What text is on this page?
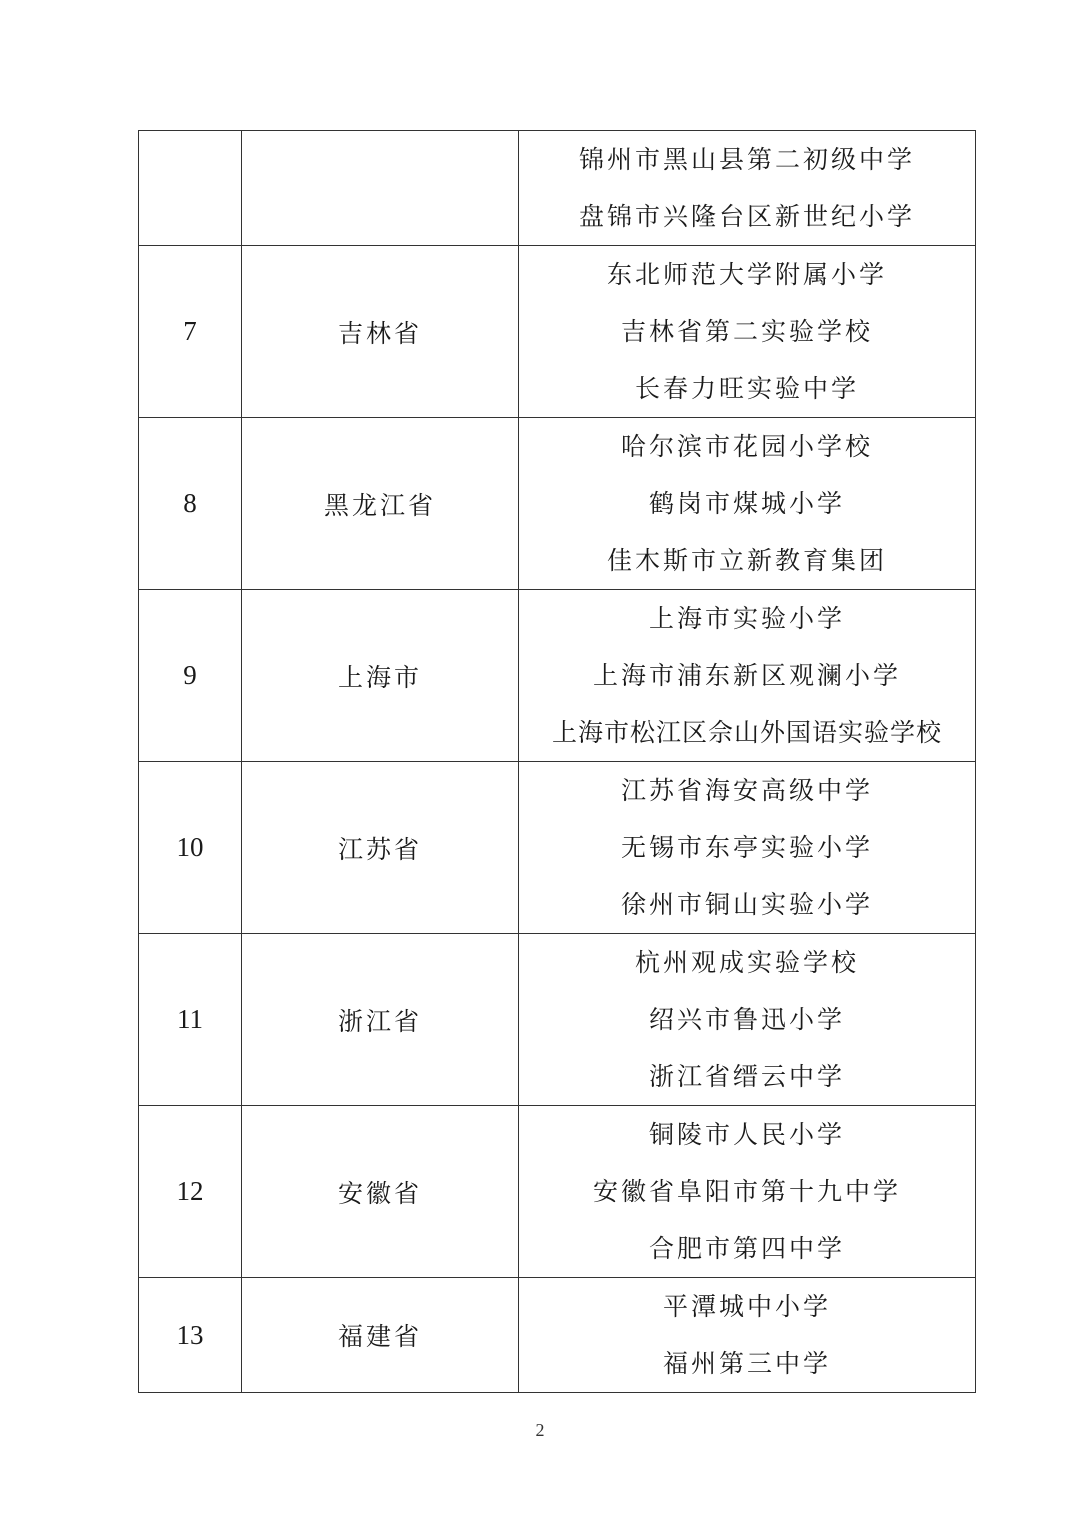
		锦州市黑山县第二初级中学
盘锦市兴隆台区新世纪小学

7	吉林省	东北师范大学附属小学
吉林省第二实验学校
长春力旺实验中学

8	黑龙江省	哈尔滨市花园小学校
鹤岗市煤城小学
佳木斯市立新教育集团

9	上海市	上海市实验小学
上海市浦东新区观澜小学
上海市松江区佘山外国语实验学校

10	江苏省	江苏省海安高级中学
无锡市东亭实验小学
徐州市铜山实验小学

11	浙江省	杭州观成实验学校
绍兴市鲁迅小学
浙江省缙云中学

12	安徽省	铜陵市人民小学
安徽省阜阳市第十九中学
合肥市第四中学

13	福建省	平潭城中小学
福州第三中学
2
